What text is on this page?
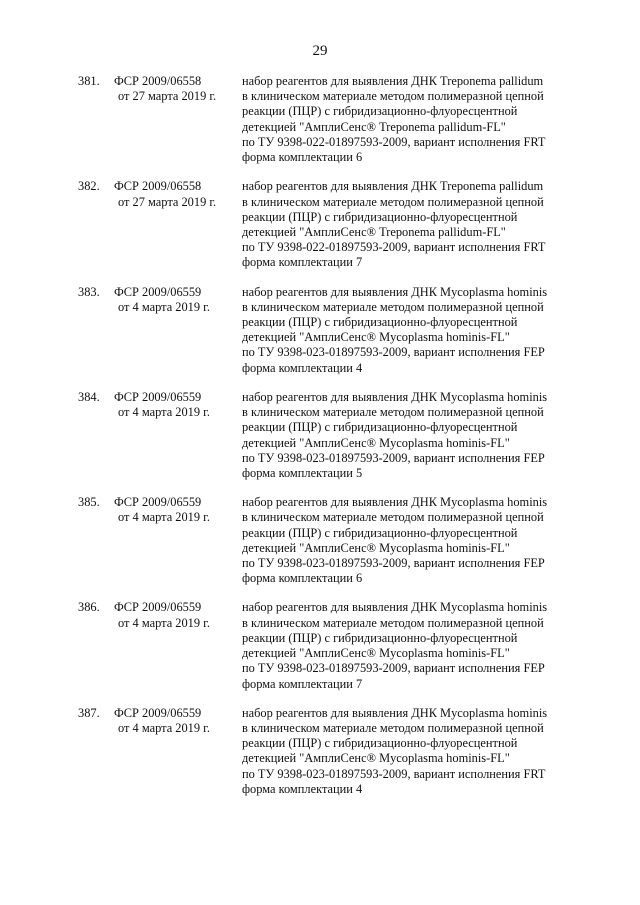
29
381. ФСР 2009/06558
от 27 марта 2019 г.
набор реагентов для выявления ДНК Treponema pallidum
в клиническом материале методом полимеразной цепной
реакции (ПЦР) с гибридизационно-флуоресцентной
детекцией "АмплиСенс® Treponema pallidum-FL"
по ТУ 9398-022-01897593-2009, вариант исполнения FRT
форма комплектации 6
382. ФСР 2009/06558
от 27 марта 2019 г.
набор реагентов для выявления ДНК Treponema pallidum
в клиническом материале методом полимеразной цепной
реакции (ПЦР) с гибридизационно-флуоресцентной
детекцией "АмплиСенс® Treponema pallidum-FL"
по ТУ 9398-022-01897593-2009, вариант исполнения FRT
форма комплектации 7
383. ФСР 2009/06559
от 4 марта 2019 г.
набор реагентов для выявления ДНК Mycoplasma hominis
в клиническом материале методом полимеразной цепной
реакции (ПЦР) с гибридизационно-флуоресцентной
детекцией "АмплиСенс® Mycoplasma hominis-FL"
по ТУ 9398-023-01897593-2009, вариант исполнения FEP
форма комплектации 4
384. ФСР 2009/06559
от 4 марта 2019 г.
набор реагентов для выявления ДНК Mycoplasma hominis
в клиническом материале методом полимеразной цепной
реакции (ПЦР) с гибридизационно-флуоресцентной
детекцией "АмплиСенс® Mycoplasma hominis-FL"
по ТУ 9398-023-01897593-2009, вариант исполнения FEP
форма комплектации 5
385. ФСР 2009/06559
от 4 марта 2019 г.
набор реагентов для выявления ДНК Mycoplasma hominis
в клиническом материале методом полимеразной цепной
реакции (ПЦР) с гибридизационно-флуоресцентной
детекцией "АмплиСенс® Mycoplasma hominis-FL"
по ТУ 9398-023-01897593-2009, вариант исполнения FEP
форма комплектации 6
386. ФСР 2009/06559
от 4 марта 2019 г.
набор реагентов для выявления ДНК Mycoplasma hominis
в клиническом материале методом полимеразной цепной
реакции (ПЦР) с гибридизационно-флуоресцентной
детекцией "АмплиСенс® Mycoplasma hominis-FL"
по ТУ 9398-023-01897593-2009, вариант исполнения FEP
форма комплектации 7
387. ФСР 2009/06559
от 4 марта 2019 г.
набор реагентов для выявления ДНК Mycoplasma hominis
в клиническом материале методом полимеразной цепной
реакции (ПЦР) с гибридизационно-флуоресцентной
детекцией "АмплиСенс® Mycoplasma hominis-FL"
по ТУ 9398-023-01897593-2009, вариант исполнения FRT
форма комплектации 4
